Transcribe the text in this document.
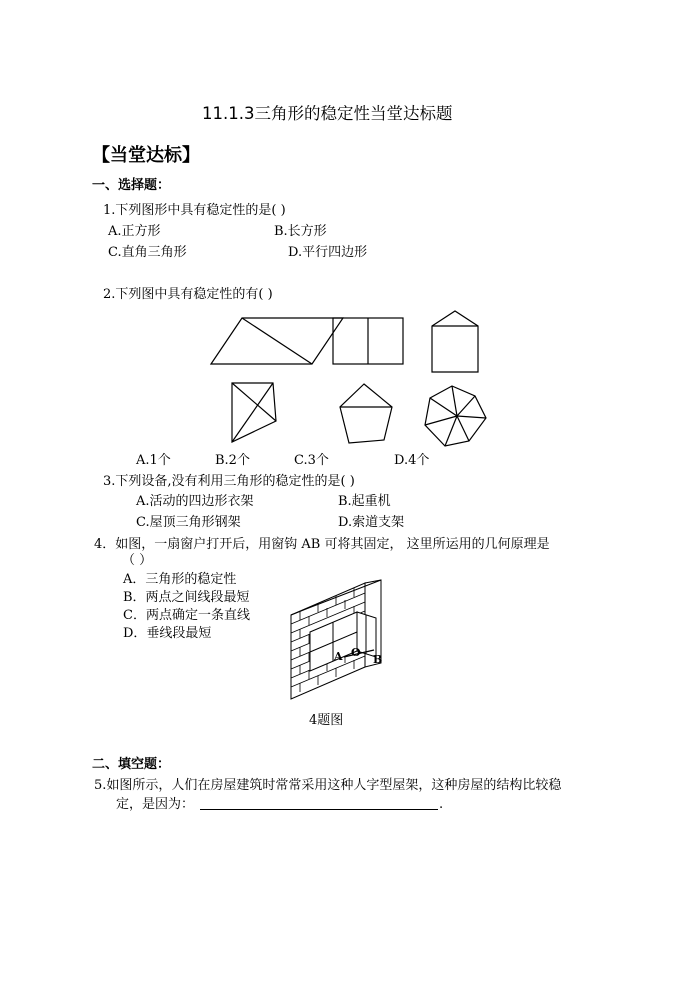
11.1.3三角形的稳定性当堂达标题
【当堂达标】
一、选择题：
1.下列图形中具有稳定性的是( )
A.正方形	B.长方形
C.直角三角形	D.平行四边形
2.下列图中具有稳定性的有( )
A.1个	B.2个	C.3个	D.4个
3.下列设备,没有利用三角形的稳定性的是( )
A.活动的四边形衣架	B.起重机
C.屋顶三角形钢架	D.索道支架
4．如图，一扇窗户打开后，用窗钩 AB 可将其固定， 这里所运用的几何原理是
（ ）
A．三角形的稳定性
B．两点之间线段最短
C．两点确定一条直线
D．垂线段最短
A O
B
4题图
二、填空题：
5.如图所示，人们在房屋建筑时常常采用这种人字型屋架，这种房屋的结构比较稳
定，是因为：	.
